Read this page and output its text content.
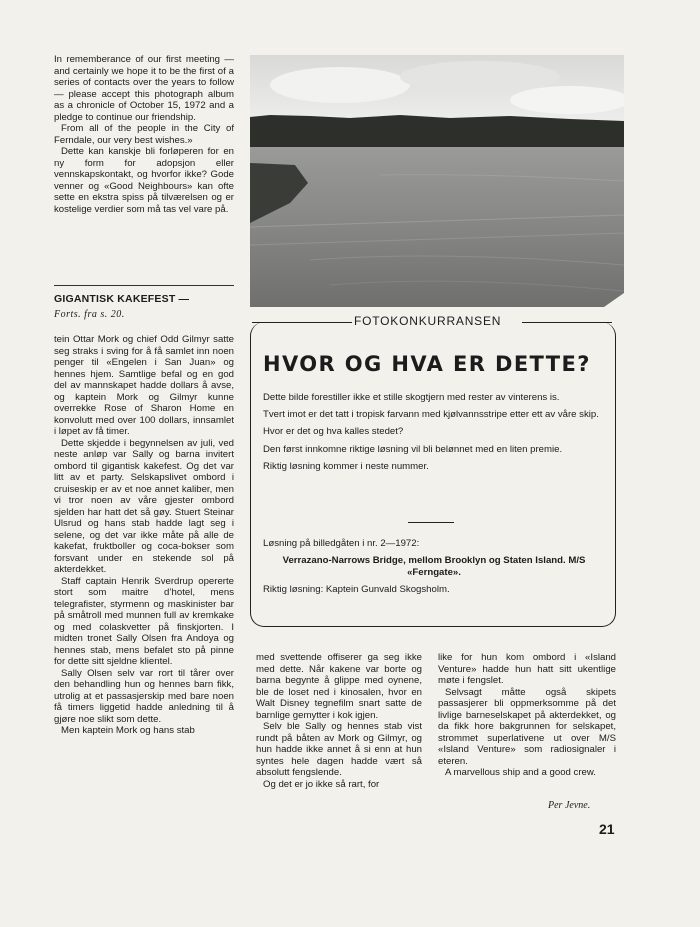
In rememberance of our first meeting — and certainly we hope it to be the first of a series of contacts over the years to follow — please accept this photograph album as a chronicle of October 15, 1972 and a pledge to continue our friendship.

From all of the people in the City of Ferndale, our very best wishes.»

Dette kan kanskje bli forløperen for en ny form for adopsjon eller vennskapskontakt, og hvorfor ikke? Gode venner og «Good Neighbours» kan ofte sette en ekstra spiss på tilværelsen og er kostelige verdier som må tas vel vare på.

GIGANTISK KAKEFEST —
Forts. fra s. 20.

tein Ottar Mork og chief Odd Gilmyr satte seg straks i sving for å få samlet inn noen penger til «Engelen i San Juan» og hennes hjem. Samtlige befal og en god del av mannskapet hadde dollars å avse, og kaptein Mork og Gilmyr kunne overrekke Rose of Sharon Home en konvolutt med over 100 dollars, innsamlet i løpet av få timer.

Dette skjedde i begynnelsen av juli, ved neste anløp var Sally og barna invitert ombord til gigantisk kakefest. Og det var litt av et party. Selskapslivet ombord i cruiseskip er av et noe annet kaliber, men vi tror noen av våre gjester ombord sjelden har hatt det så gøy. Stuert Steinar Ulsrud og hans stab hadde lagt seg i selene, og det var ikke måte på alle de kakefat, fruktboller og coca-bokser som forsvant under en stekende sol på akterdekket.

Staff captain Henrik Sverdrup opererte stort som maitre d’hotel, mens telegrafister, styrmenn og maskinister bar på småtroll med munnen full av kremkake og med colaskvetter på finskjorten. I midten tronet Sally Olsen fra Andoya og hennes stab, mens befalet sto på pinne for dette sitt sjeldne klientel.

Sally Olsen selv var rort til tårer over den behandling hun og hennes barn fikk, utrolig at et passasjerskip med bare noen få timers liggetid hadde anledning til å gjøre noe slikt som dette.

Men kaptein Mork og hans stab

FOTOKONKURRANSEN
HVOR OG HVA ER DETTE?

Dette bilde forestiller ikke et stille skogtjern med rester av vinterens is.

Tvert imot er det tatt i tropisk farvann med kjølvannsstripe etter ett av våre skip.

Hvor er det og hva kalles stedet?

Den først innkomne riktige løsning vil bli belønnet med en liten premie.

Riktig løsning kommer i neste nummer.

Løsning på billedgåten i nr. 2—1972:

Verrazano-Narrows Bridge, mellom Brooklyn og Staten Island. M/S «Ferngate».

Riktig løsning: Kaptein Gunvald Skogsholm.

med svettende offiserer ga seg ikke med dette. Når kakene var borte og barna begynte å glippe med oynene, ble de loset ned i kinosalen, hvor en Walt Disney tegnefilm snart satte de barnlige gemytter i kok igjen.

Selv ble Sally og hennes stab vist rundt på båten av Mork og Gilmyr, og hun hadde ikke annet å si enn at hun syntes hele dagen hadde vært så absolutt fengslende.

Og det er jo ikke så rart, for

like for hun kom ombord i «Island Venture» hadde hun hatt sitt ukentlige møte i fengslet.

Selvsagt måtte også skipets passasjerer bli oppmerksomme på det livlige barneselskapet på akterdekket, og da fikk hore bakgrunnen for selskapet, strommet superlativene ut over M/S «Island Venture» som radiosignaler i eteren.

A marvellous ship and a good crew.

Per Jevne.
21
